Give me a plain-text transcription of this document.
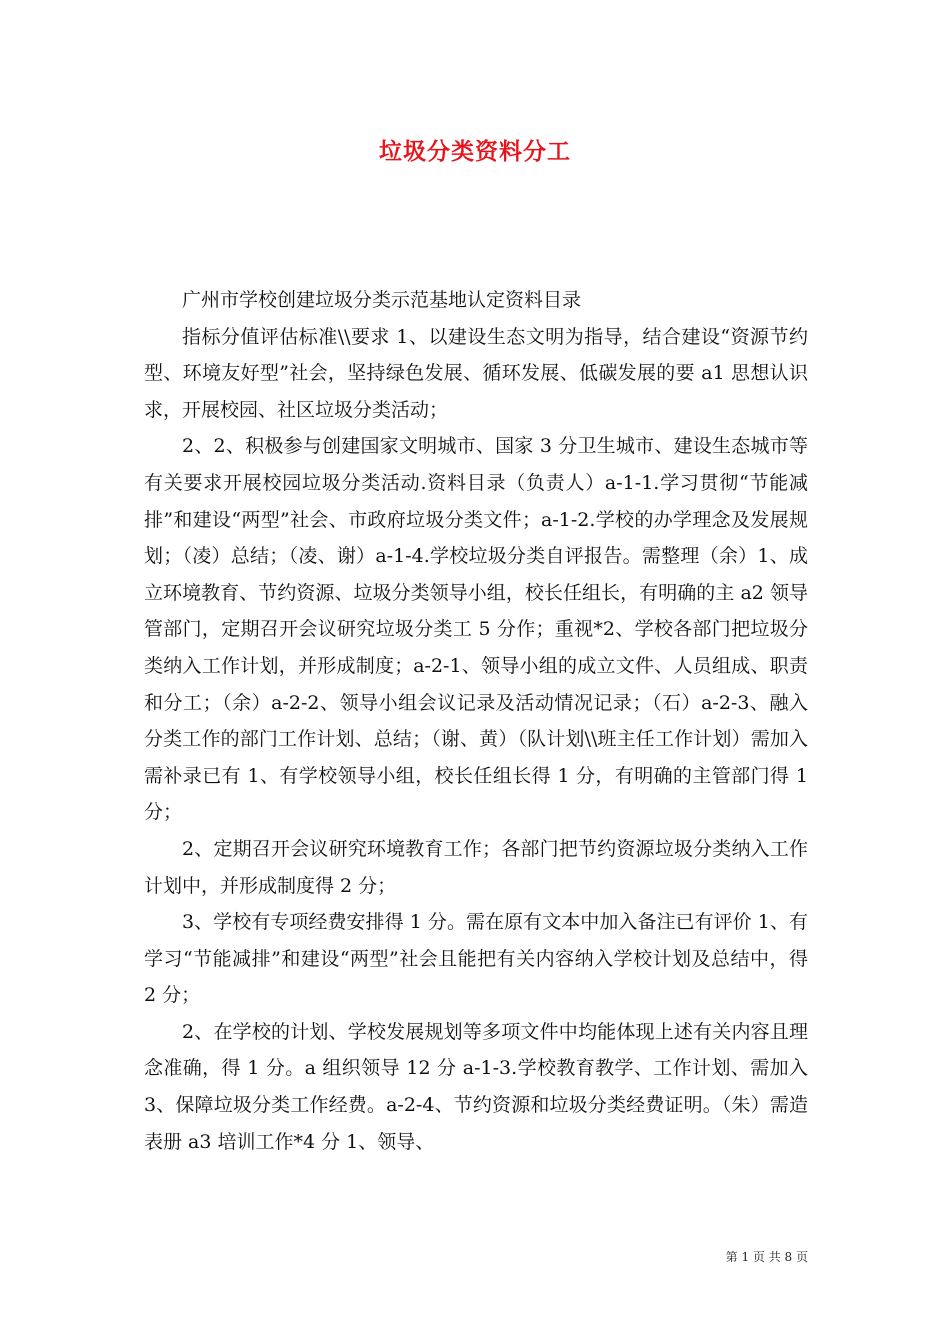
垃圾分类资料分工

广州市学校创建垃圾分类示范基地认定资料目录

指标分值评估标准\\要求 1、以建设生态文明为指导，结合建设“资源节约型、环境友好型”社会，坚持绿色发展、循环发展、低碳发展的要 a1 思想认识求，开展校园、社区垃圾分类活动；

2、2、积极参与创建国家文明城市、国家 3 分卫生城市、建设生态城市等有关要求开展校园垃圾分类活动.资料目录（负责人）a-1-1.学习贯彻“节能减排”和建设“两型”社会、市政府垃圾分类文件；a-1-2.学校的办学理念及发展规划；（凌）总结；（凌、谢）a-1-4.学校垃圾分类自评报告。需整理（余）1、成立环境教育、节约资源、垃圾分类领导小组，校长任组长，有明确的主 a2 领导管部门，定期召开会议研究垃圾分类工 5 分作；重视*2、学校各部门把垃圾分类纳入工作计划，并形成制度；a-2-1、领导小组的成立文件、人员组成、职责和分工；（余）a-2-2、领导小组会议记录及活动情况记录；（石）a-2-3、融入分类工作的部门工作计划、总结；（谢、黄）（队计划\\班主任工作计划）需加入需补录已有 1、有学校领导小组，校长任组长得 1 分，有明确的主管部门得 1 分；

2、定期召开会议研究环境教育工作；各部门把节约资源垃圾分类纳入工作计划中，并形成制度得 2 分；

3、学校有专项经费安排得 1 分。需在原有文本中加入备注已有评价 1、有学习“节能减排”和建设“两型”社会且能把有关内容纳入学校计划及总结中，得 2 分；

2、在学校的计划、学校发展规划等多项文件中均能体现上述有关内容且理念准确，得 1 分。a 组织领导 12 分 a-1-3.学校教育教学、工作计划、需加入 3、保障垃圾分类工作经费。a-2-4、节约资源和垃圾分类经费证明。（朱）需造表册 a3 培训工作*4 分 1、领导、

第 1 页 共 8 页
